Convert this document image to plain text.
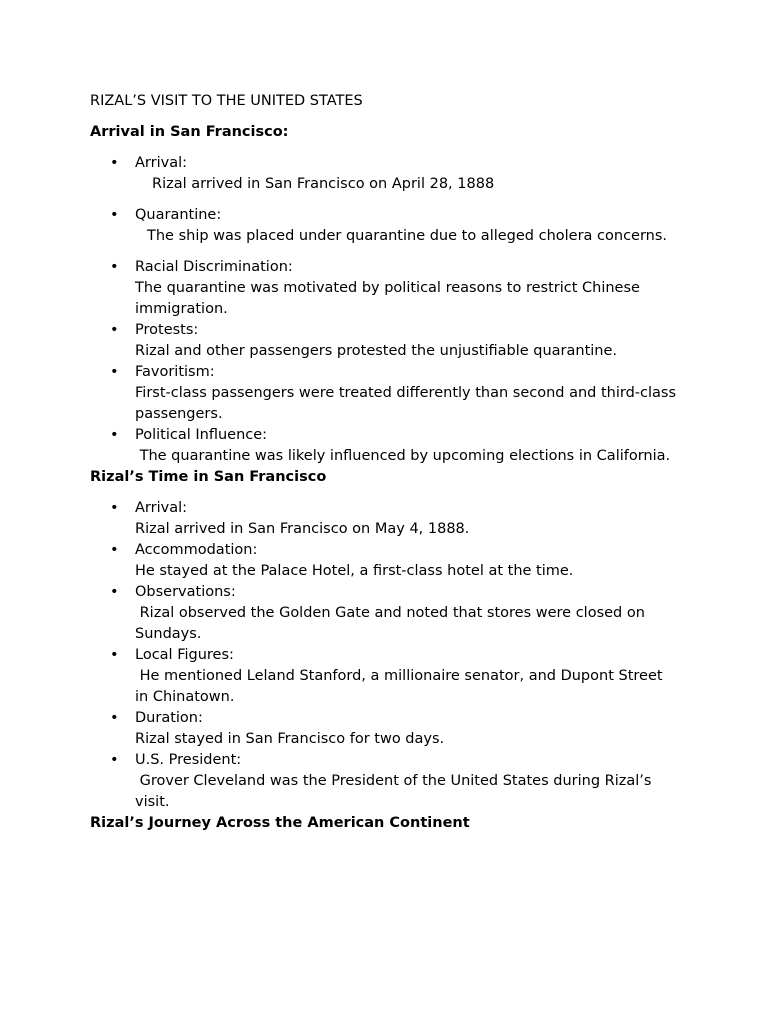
RIZAL’S VISIT TO THE UNITED STATES
Arrival in San Francisco:
• Arrival:
Rizal arrived in San Francisco on April 28, 1888
• Quarantine:
The ship was placed under quarantine due to alleged cholera concerns.
• Racial Discrimination:
The quarantine was motivated by political reasons to restrict Chinese immigration.
• Protests:
Rizal and other passengers protested the unjustifiable quarantine.
• Favoritism:
First-class passengers were treated differently than second and third-class passengers.
• Political Influence:
The quarantine was likely influenced by upcoming elections in California.
Rizal’s Time in San Francisco
• Arrival:
Rizal arrived in San Francisco on May 4, 1888.
• Accommodation:
He stayed at the Palace Hotel, a first-class hotel at the time.
• Observations:
Rizal observed the Golden Gate and noted that stores were closed on Sundays.
• Local Figures:
He mentioned Leland Stanford, a millionaire senator, and Dupont Street in Chinatown.
• Duration:
Rizal stayed in San Francisco for two days.
• U.S. President:
Grover Cleveland was the President of the United States during Rizal’s visit.
Rizal’s Journey Across the American Continent
